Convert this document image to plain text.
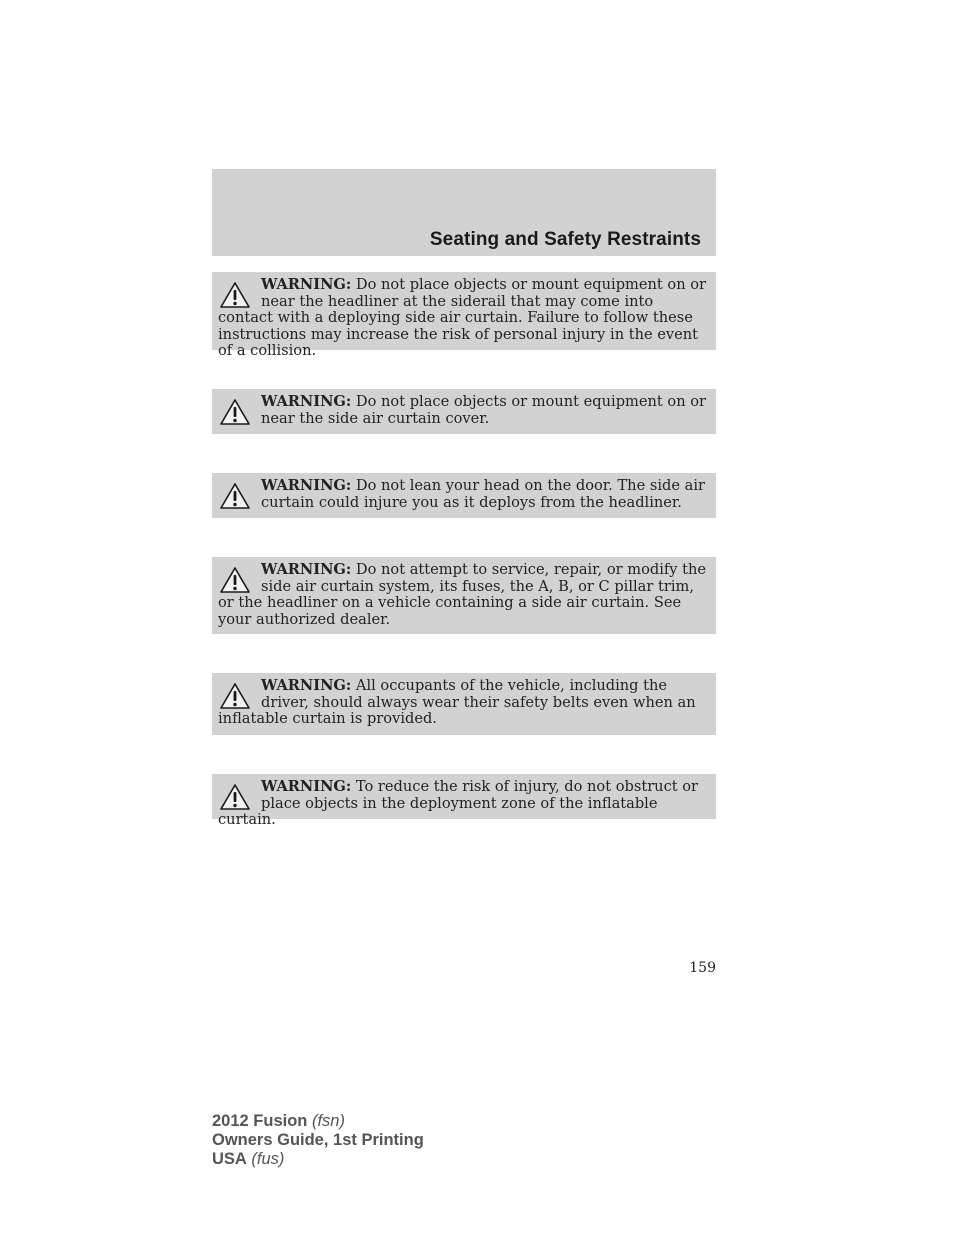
Seating and Safety Restraints

WARNING: Do not place objects or mount equipment on or near the headliner at the siderail that may come into contact with a deploying side air curtain. Failure to follow these instructions may increase the risk of personal injury in the event of a collision.

WARNING: Do not place objects or mount equipment on or near the side air curtain cover.

WARNING: Do not lean your head on the door. The side air curtain could injure you as it deploys from the headliner.

WARNING: Do not attempt to service, repair, or modify the side air curtain system, its fuses, the A, B, or C pillar trim, or the headliner on a vehicle containing a side air curtain. See your authorized dealer.

WARNING: All occupants of the vehicle, including the driver, should always wear their safety belts even when an inflatable curtain is provided.

WARNING: To reduce the risk of injury, do not obstruct or place objects in the deployment zone of the inflatable curtain.

159
2012 Fusion (fsn)
Owners Guide, 1st Printing
USA (fus)
